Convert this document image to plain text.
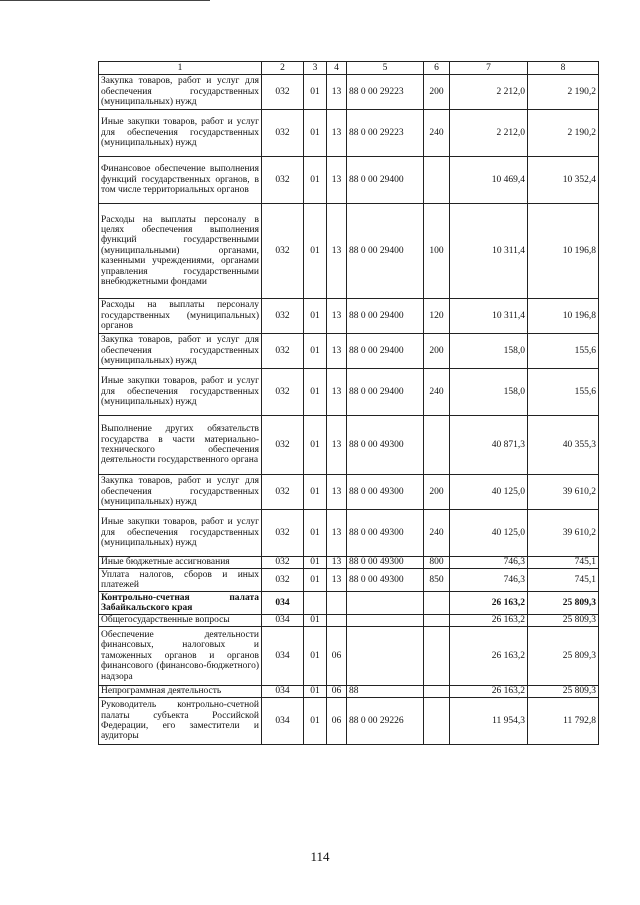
1	2	3	4	5	6	7	8
Закупка товаров, работ и услуг для обеспечения государственных (муниципальных) нужд	032	01	13	88 0 00 29223	200	2 212,0	2 190,2
Иные закупки товаров, работ и услуг для обеспечения государственных (муниципальных) нужд	032	01	13	88 0 00 29223	240	2 212,0	2 190,2
Финансовое обеспечение выполнения функций государственных органов, в том числе территориальных органов	032	01	13	88 0 00 29400		10 469,4	10 352,4
Расходы на выплаты персоналу в целях обеспечения выполнения функций государственными (муниципальными) органами, казенными учреждениями, органами управления государственными внебюджетными фондами	032	01	13	88 0 00 29400	100	10 311,4	10 196,8
Расходы на выплаты персоналу государственных (муниципальных) органов	032	01	13	88 0 00 29400	120	10 311,4	10 196,8
Закупка товаров, работ и услуг для обеспечения государственных (муниципальных) нужд	032	01	13	88 0 00 29400	200	158,0	155,6
Иные закупки товаров, работ и услуг для обеспечения государственных (муниципальных) нужд	032	01	13	88 0 00 29400	240	158,0	155,6
Выполнение других обязательств государства в части материально-технического обеспечения деятельности государственного органа	032	01	13	88 0 00 49300		40 871,3	40 355,3
Закупка товаров, работ и услуг для обеспечения государственных (муниципальных) нужд	032	01	13	88 0 00 49300	200	40 125,0	39 610,2
Иные закупки товаров, работ и услуг для обеспечения государственных (муниципальных) нужд	032	01	13	88 0 00 49300	240	40 125,0	39 610,2
Иные бюджетные ассигнования	032	01	13	88 0 00 49300	800	746,3	745,1
Уплата налогов, сборов и иных платежей	032	01	13	88 0 00 49300	850	746,3	745,1
Контрольно-счетная палата Забайкальского края	034					26 163,2	25 809,3
Общегосударственные вопросы	034	01				26 163,2	25 809,3
Обеспечение деятельности финансовых, налоговых и таможенных органов и органов финансового (финансово-бюджетного) надзора	034	01	06			26 163,2	25 809,3
Непрограммная деятельность	034	01	06	88		26 163,2	25 809,3
Руководитель контрольно-счетной палаты субъекта Российской Федерации, его заместители и аудиторы	034	01	06	88 0 00 29226		11 954,3	11 792,8
114
